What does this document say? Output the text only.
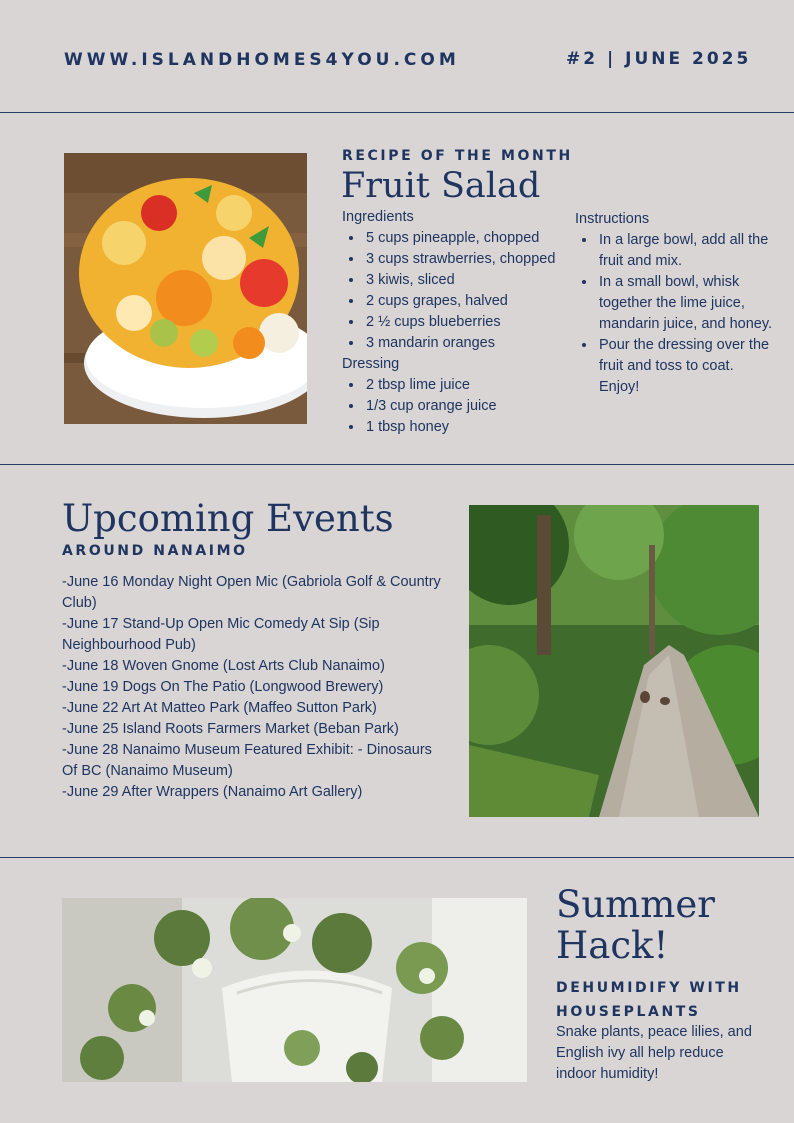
WWW.ISLANDHOMES4YOU.COM	#2 | JUNE 2025
RECIPE OF THE MONTH
Fruit Salad
Ingredients
• 5 cups pineapple, chopped
• 3 cups strawberries, chopped
• 3 kiwis, sliced
• 2 cups grapes, halved
• 2 ½ cups blueberries
• 3 mandarin oranges
Dressing
• 2 tbsp lime juice
• 1/3 cup orange juice
• 1 tbsp honey
Instructions
• In a large bowl, add all the fruit and mix.
• In a small bowl, whisk together the lime juice, mandarin juice, and honey.
• Pour the dressing over the fruit and toss to coat. Enjoy!
Upcoming Events
AROUND NANAIMO

-June 16 Monday Night Open Mic (Gabriola Golf & Country Club)

-June 17 Stand-Up Open Mic Comedy At Sip (Sip Neighbourhood Pub)

-June 18 Woven Gnome (Lost Arts Club Nanaimo)

-June 19 Dogs On The Patio (Longwood Brewery)

-June 22 Art At Matteo Park (Maffeo Sutton Park)

-June 25 Island Roots Farmers Market (Beban Park)

-June 28 Nanaimo Museum Featured Exhibit: - Dinosaurs Of BC (Nanaimo Museum)

-June 29 After Wrappers (Nanaimo Art Gallery)

Summer
Hack!
DEHUMIDIFY WITH
HOUSEPLANTS
Snake plants, peace lilies, and English ivy all help reduce indoor humidity!
